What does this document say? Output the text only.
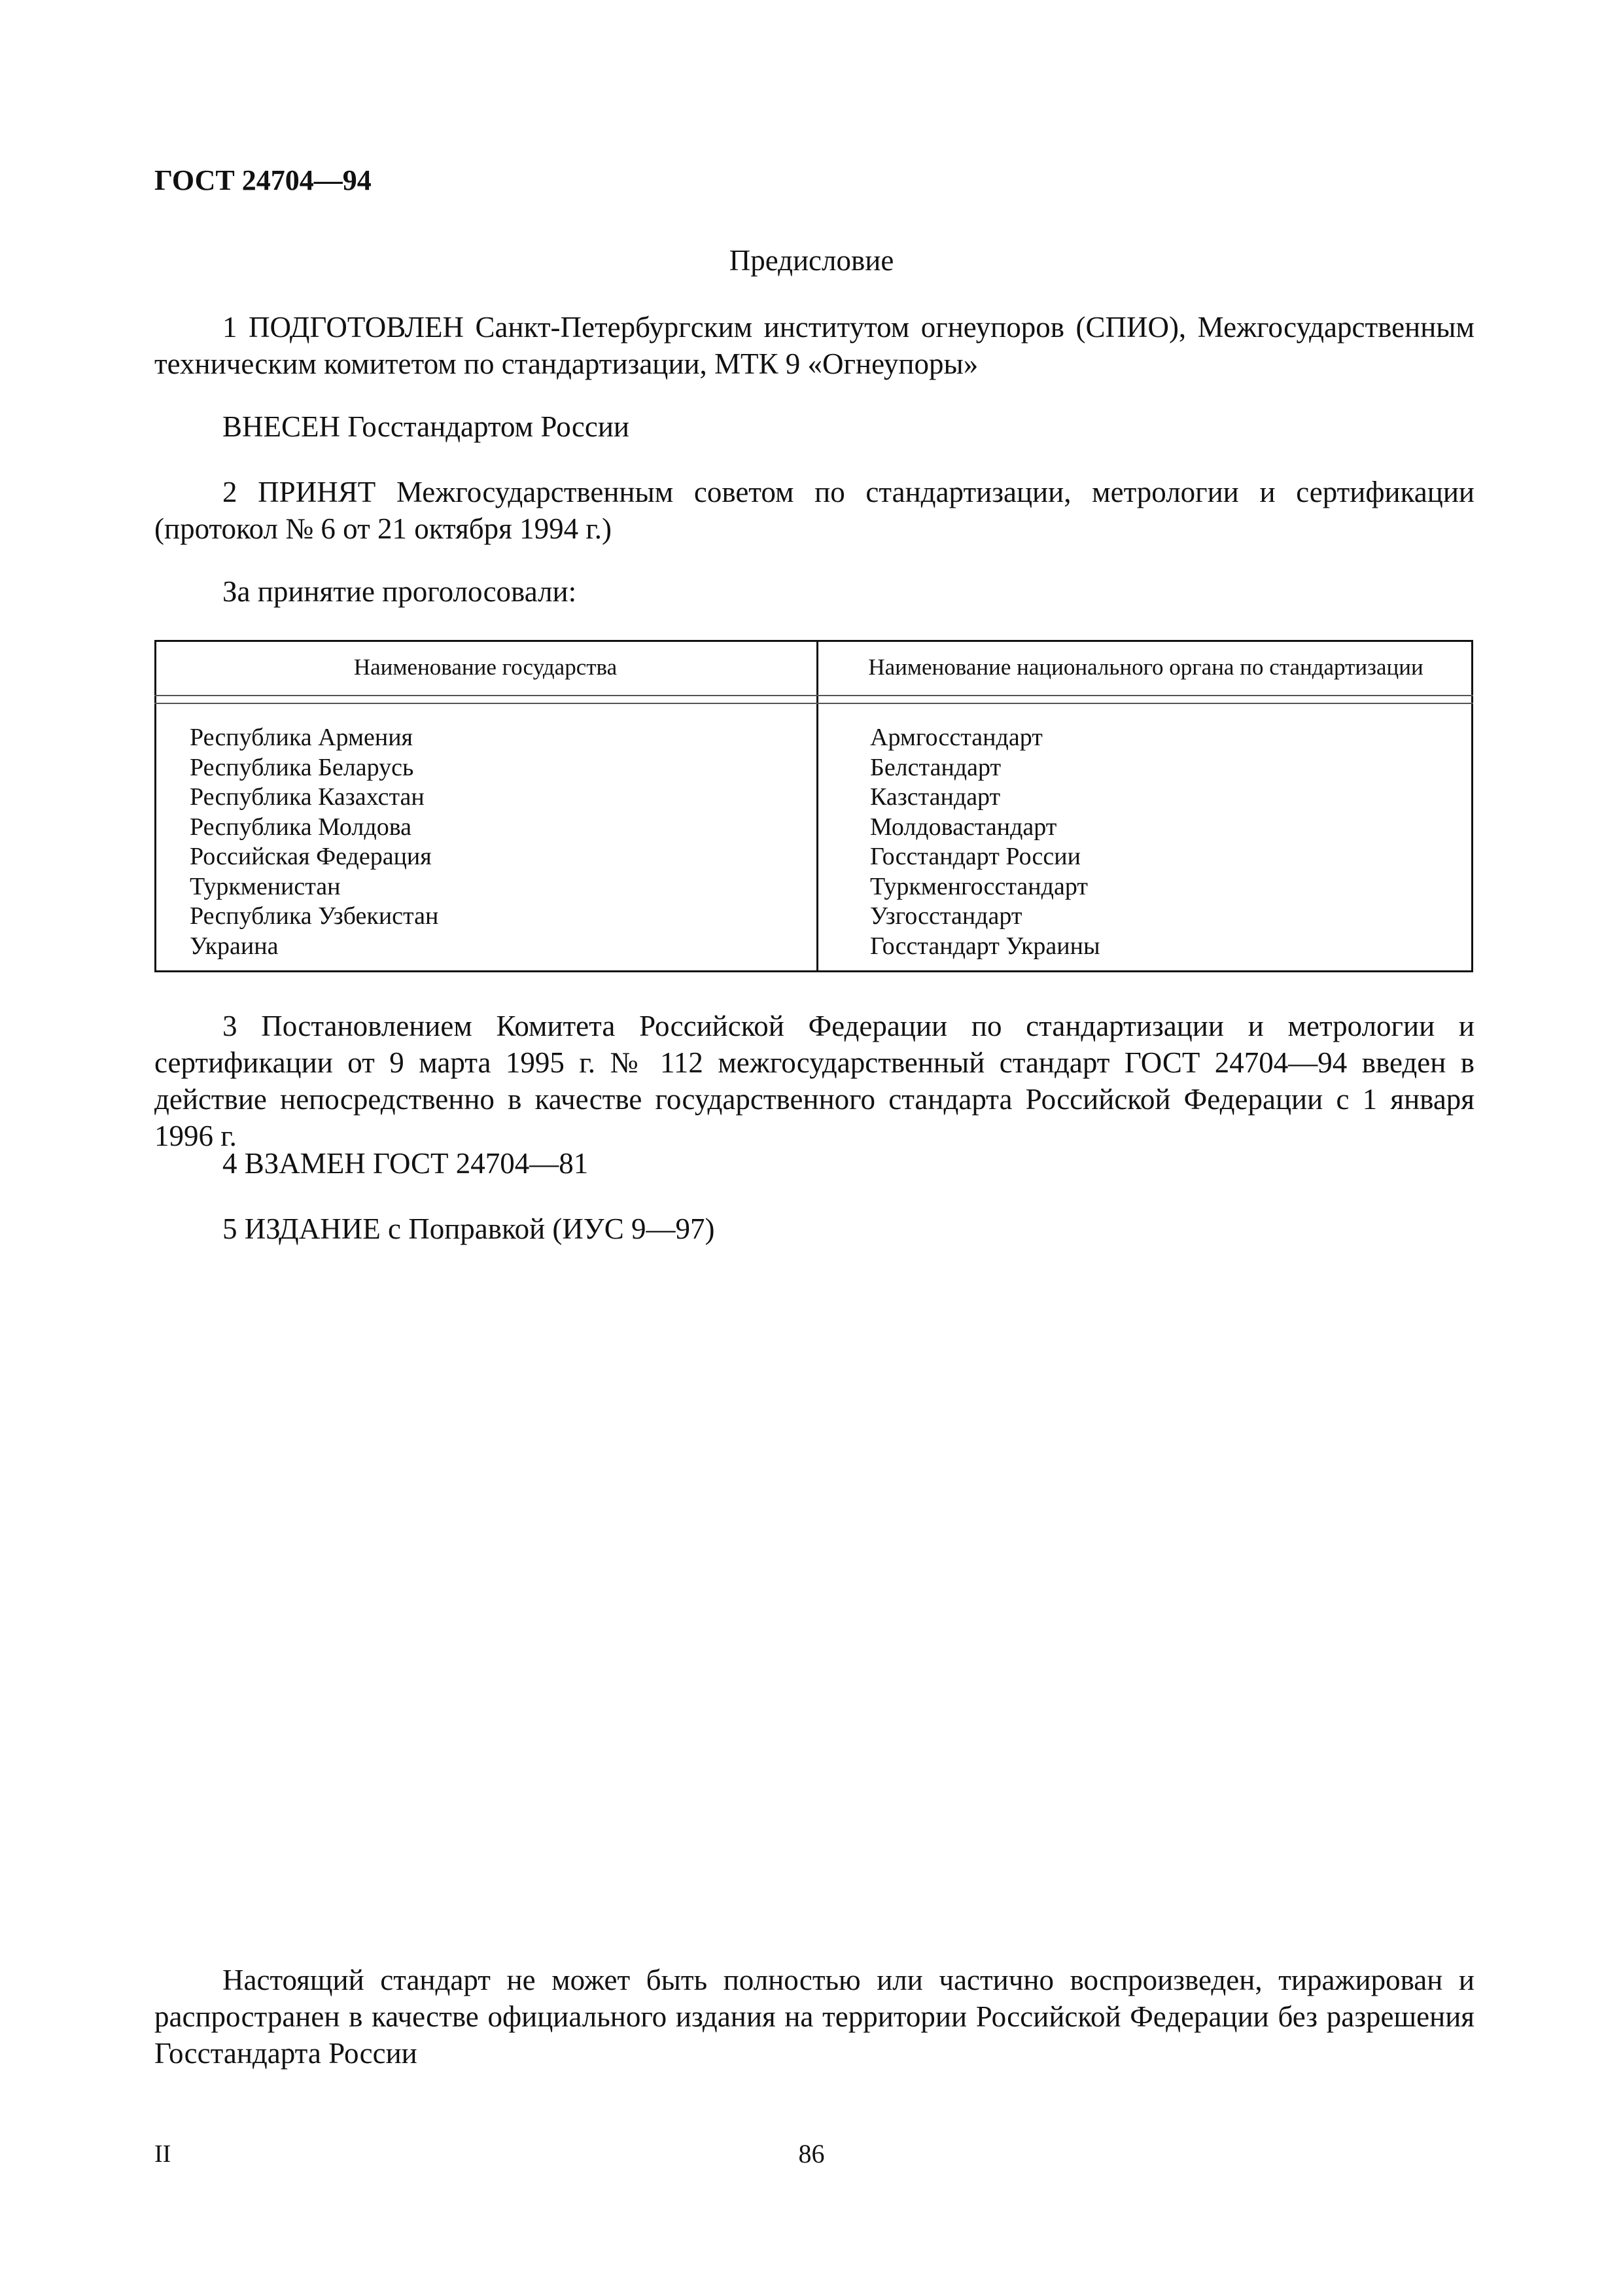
ГОСТ 24704—94
Предисловие

1 ПОДГОТОВЛЕН Санкт-Петербургским институтом огнеупоров (СПИО), Межгосударственным техническим комитетом по стандартизации, МТК 9 «Огнеупоры»

ВНЕСЕН Госстандартом России

2 ПРИНЯТ Межгосударственным советом по стандартизации, метрологии и сертификации (протокол № 6 от 21 октября 1994 г.)

За принятие проголосовали:
Наименование государства	Наименование национального органа по стандартизации
Республика Армения
Республика Беларусь
Республика Казахстан
Республика Молдова
Российская Федерация
Туркменистан
Республика Узбекистан
Украина
Армгосстандарт
Белстандарт
Казстандарт
Молдовастандарт
Госстандарт России
Туркменгосстандарт
Узгосстандарт
Госстандарт Украины

3 Постановлением Комитета Российской Федерации по стандартизации и метрологии и сертификации от 9 марта 1995 г. № 112 межгосударственный стандарт ГОСТ 24704—94 введен в действие непосредственно в качестве государственного стандарта Российской Федерации с 1 января 1996 г.

4 ВЗАМЕН ГОСТ 24704—81
5 ИЗДАНИЕ с Поправкой (ИУС 9—97)

Настоящий стандарт не может быть полностью или частично воспроизведен, тиражирован и распространен в качестве официального издания на территории Российской Федерации без разрешения Госстандарта России

II	86
